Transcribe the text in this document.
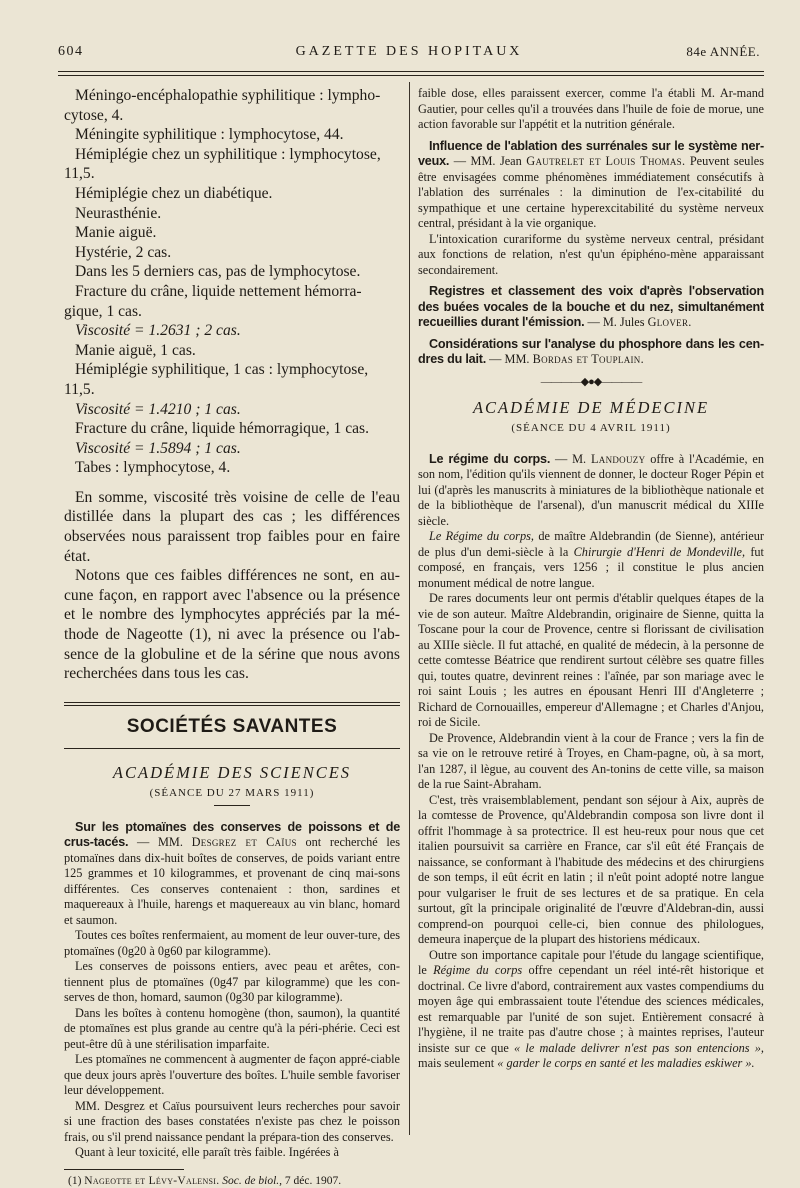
604	GAZETTE DES HOPITAUX	84e ANNÉE.
Méningo-encéphalopathie syphilitique : lympho-cytose, 4.
Méningite syphilitique : lymphocytose, 44.
Hémiplégie chez un syphilitique : lymphocytose, 11,5.
Hémiplégie chez un diabétique.
Neurasthénie.
Manie aiguë.
Hystérie, 2 cas.
Dans les 5 derniers cas, pas de lymphocytose.
Fracture du crâne, liquide nettement hémorra-gique, 1 cas.
Viscosité = 1.2631 ; 2 cas.
Manie aiguë, 1 cas.
Hémiplégie syphilitique, 1 cas : lymphocytose, 11,5.
Viscosité = 1.4210 ; 1 cas.
Fracture du crâne, liquide hémorragique, 1 cas.
Viscosité = 1.5894 ; 1 cas.
Tabes : lymphocytose, 4.
En somme, viscosité très voisine de celle de l'eau distillée dans la plupart des cas ; les différences observées nous paraissent trop faibles pour en faire état.
Notons que ces faibles différences ne sont, en au-cune façon, en rapport avec l'absence ou la présence et le nombre des lymphocytes appréciés par la mé-thode de Nageotte (1), ni avec la présence ou l'ab-sence de la globuline et de la sérine que nous avons recherchées dans tous les cas.

SOCIÉTÉS SAVANTES

ACADÉMIE DES SCIENCES

(SÉANCE DU 27 MARS 1911)

Sur les ptomaïnes des conserves de poissons et de crus-tacés. — MM. Desgrez et Caïus ont recherché les ptomaïnes dans dix-huit boîtes de conserves, de poids variant entre 125 grammes et 10 kilogrammes, et provenant de cinq mai-sons différentes. Ces conserves contenaient : thon, sardines et maquereaux à l'huile, harengs et maquereaux au vin blanc, homard et saumon.
Toutes ces boîtes renfermaient, au moment de leur ouver-ture, des ptomaïnes (0g20 à 0g60 par kilogramme).
Les conserves de poissons entiers, avec peau et arêtes, con-tiennent plus de ptomaïnes (0g47 par kilogramme) que les con-serves de thon, homard, saumon (0g30 par kilogramme).
Dans les boîtes à contenu homogène (thon, saumon), la quantité de ptomaïnes est plus grande au centre qu'à la péri-phérie. Ceci est peut-être dû à une stérilisation imparfaite.
Les ptomaïnes ne commencent à augmenter de façon appré-ciable que deux jours après l'ouverture des boîtes. L'huile semble favoriser leur développement.
MM. Desgrez et Caïus poursuivent leurs recherches pour savoir si une fraction des bases constatées n'existe pas chez le poisson frais, ou s'il prend naissance pendant la prépara-tion des conserves.
Quant à leur toxicité, elle paraît très faible. Ingérées à

(1) Nageotte et Lévy-Valensi. Soc. de biol., 7 déc. 1907.

faible dose, elles paraissent exercer, comme l'a établi M. Ar-mand Gautier, pour celles qu'il a trouvées dans l'huile de foie de morue, une action favorable sur l'appétit et la nutrition générale.
Influence de l'ablation des surrénales sur le système ner-veux. — MM. Jean Gautrelet et Louis Thomas. Peuvent seules être envisagées comme phénomènes immédiatement consécutifs à l'ablation des surrénales : la diminution de l'ex-citabilité du sympathique et une certaine hyperexcitabilité du système nerveux central, présidant à la vie organique.
L'intoxication curariforme du système nerveux central, présidant aux fonctions de relation, n'est qu'un épiphéno-mène apparaissant secondairement.
Registres et classement des voix d'après l'observation des buées vocales de la bouche et du nez, simultanément recueillies durant l'émission. — M. Jules Glover.
Considérations sur l'analyse du phosphore dans les cen-dres du lait. — MM. Bordas et Touplain.
————◆●◆————

ACADÉMIE DE MÉDECINE

(SÉANCE DU 4 AVRIL 1911)

Le régime du corps. — M. Landouzy offre à l'Académie, en son nom, l'édition qu'ils viennent de donner, le docteur Roger Pépin et lui (d'après les manuscrits à miniatures de la bibliothèque nationale et de la bibliothèque de l'arsenal), d'un manuscrit médical du XIIIe siècle.
Le Régime du corps, de maître Aldebrandin (de Sienne), antérieur de plus d'un demi-siècle à la Chirurgie d'Henri de Mondeville, fut composé, en français, vers 1256 ; il constitue le plus ancien monument médical de notre langue.
De rares documents leur ont permis d'établir quelques étapes de la vie de son auteur. Maître Aldebrandin, originaire de Sienne, quitta la Toscane pour la cour de Provence, centre si florissant de civilisation au XIIIe siècle. Il fut attaché, en qualité de médecin, à la personne de cette comtesse Béatrice que rendirent surtout célèbre ses quatre filles qui, toutes quatre, devinrent reines : l'aînée, par son mariage avec le roi saint Louis ; les autres en épousant Henri III d'Angleterre ; Richard de Cornouailles, empereur d'Allemagne ; et Charles d'Anjou, roi de Sicile.
De Provence, Aldebrandin vient à la cour de France ; vers la fin de sa vie on le retrouve retiré à Troyes, en Cham-pagne, où, à sa mort, l'an 1287, il lègue, au couvent des An-tonins de cette ville, sa maison de la rue Saint-Abraham.
C'est, très vraisemblablement, pendant son séjour à Aix, auprès de la comtesse de Provence, qu'Aldebrandin composa son livre dont il offrit l'hommage à sa protectrice. Il est heu-reux pour nous que cet italien poursuivit sa carrière en France, car s'il eût été Français de naissance, se conformant à l'habitude des médecins et des chirurgiens de son temps, il eût écrit en latin ; il n'eût point adopté notre langue pour vulgariser le fruit de ses lectures et de sa pratique. En cela surtout, gît la principale originalité de l'œuvre d'Aldebran-din, aussi comprend-on pourquoi celle-ci, bien connue des philologues, demeura inaperçue de la plupart des historiens médicaux.
Outre son importance capitale pour l'étude du langage scientifique, le Régime du corps offre cependant un réel inté-rêt historique et doctrinal. Ce livre d'abord, contrairement aux vastes compendiums du moyen âge qui embrassaient toute l'étendue des sciences médicales, est remarquable par l'unité de son sujet. Entièrement consacré à l'hygiène, il ne traite pas d'autre chose ; à maintes reprises, l'auteur insiste sur ce que « le malade delivrer n'est pas son entencions », mais seulement « garder le corps en santé et les maladies eskiwer ».
